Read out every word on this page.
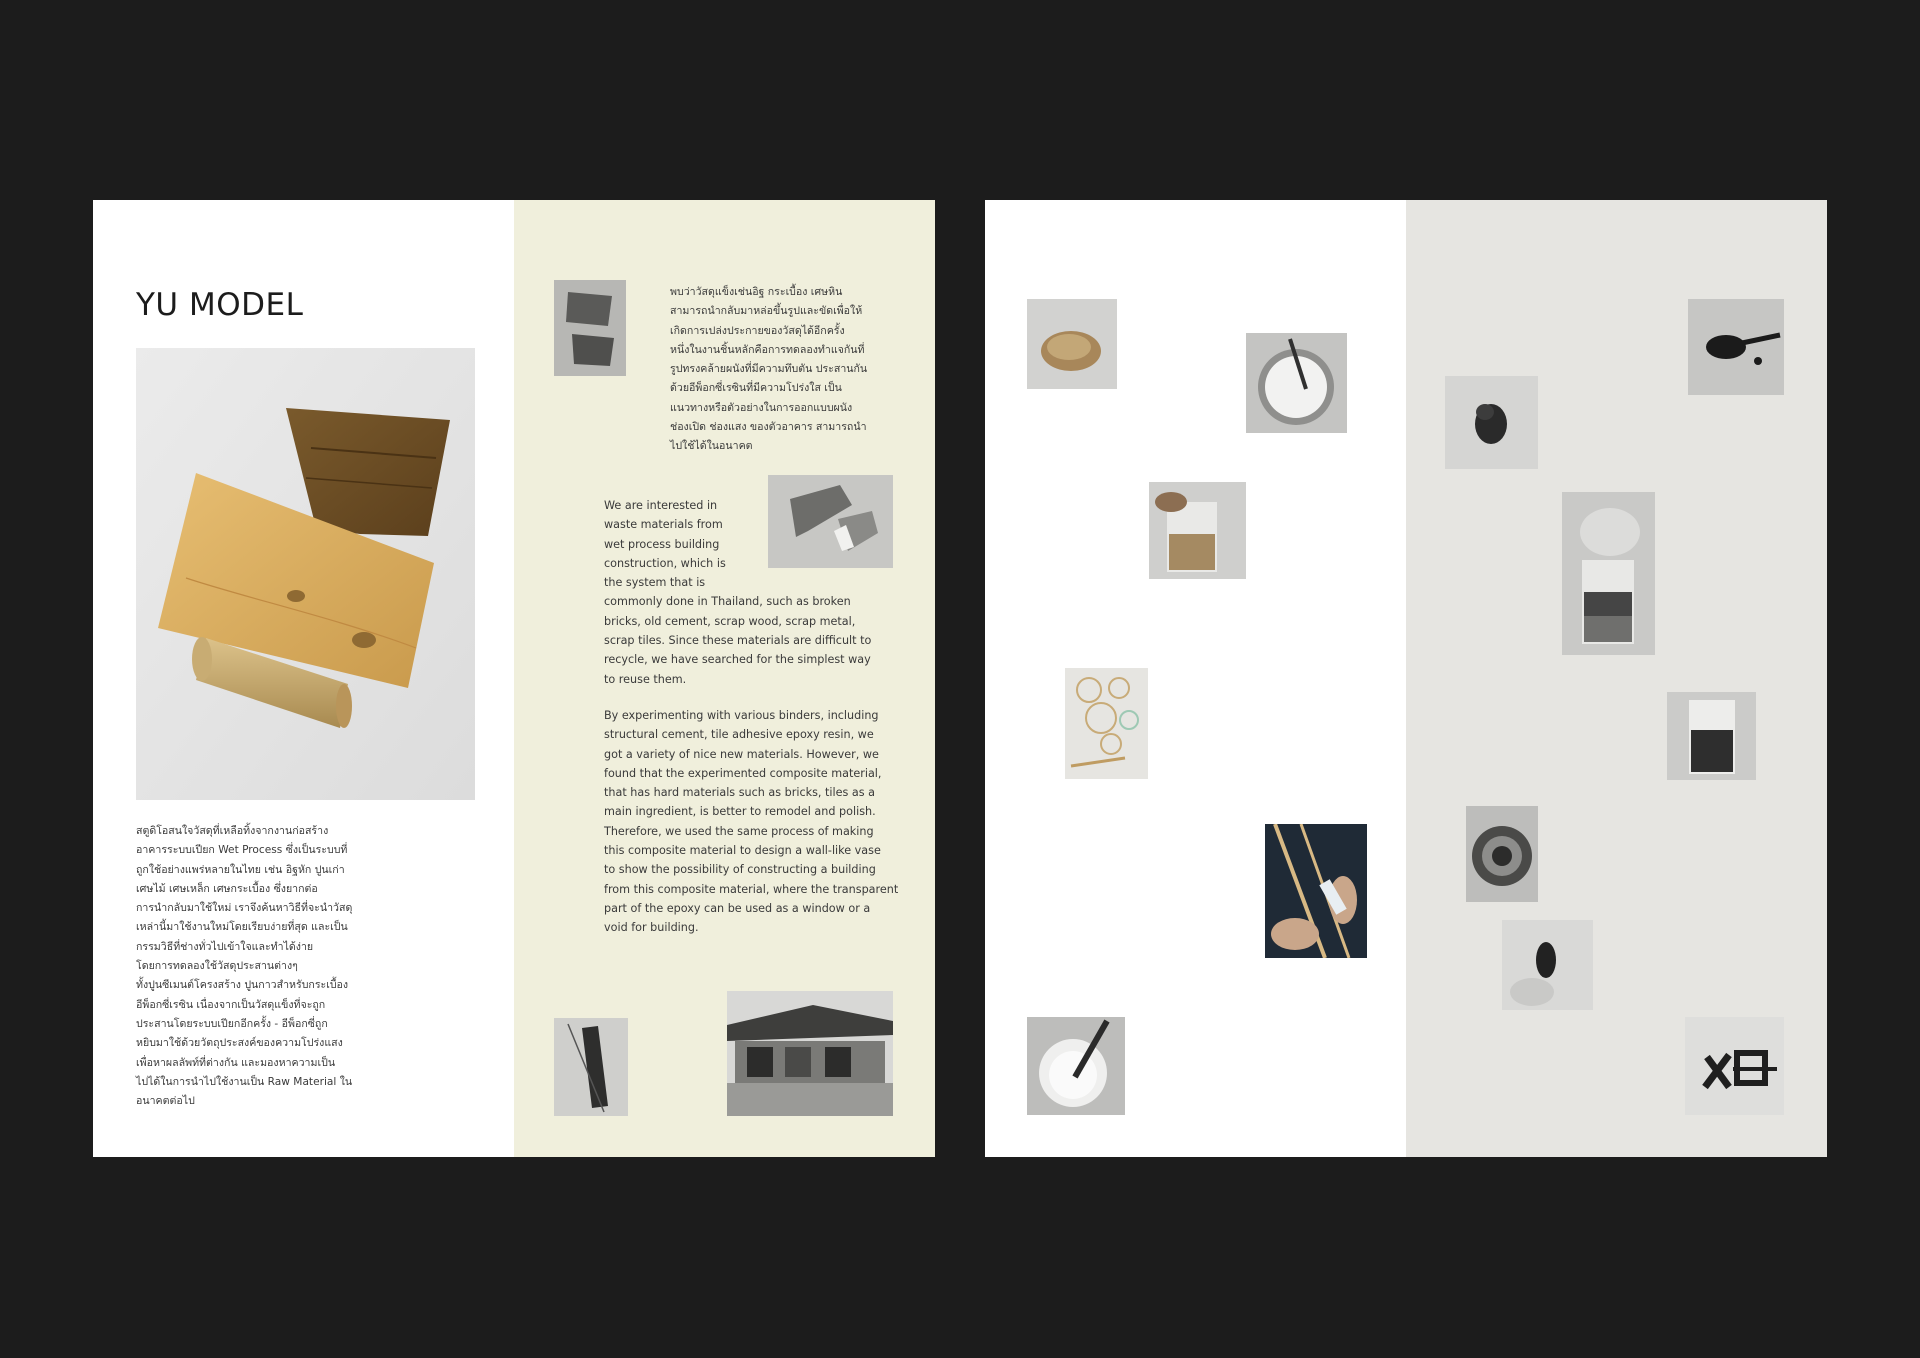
YU MODEL

สตูดิโอสนใจวัสดุที่เหลือทิ้งจากงานก่อสร้าง
อาคารระบบเปียก Wet Process ซึ่งเป็นระบบที่
ถูกใช้อย่างแพร่หลายในไทย เช่น อิฐหัก ปูนเก่า
เศษไม้ เศษเหล็ก เศษกระเบื้อง ซึ่งยากต่อ
การนำกลับมาใช้ใหม่ เราจึงค้นหาวิธีที่จะนำวัสดุ
เหล่านี้มาใช้งานใหม่โดยเรียบง่ายที่สุด และเป็น
กรรมวิธีที่ช่างทั่วไปเข้าใจและทำได้ง่าย
โดยการทดลองใช้วัสดุประสานต่างๆ
ทั้งปูนซีเมนต์โครงสร้าง ปูนกาวสำหรับกระเบื้อง
อีพ็อกซี่เรซิน เนื่องจากเป็นวัสดุแข็งที่จะถูก
ประสานโดยระบบเปียกอีกครั้ง - อีพ็อกซี่ถูก
หยิบมาใช้ด้วยวัตถุประสงค์ของความโปร่งแสง
เพื่อหาผลลัพท์ที่ต่างกัน และมองหาความเป็น
ไปได้ในการนำไปใช้งานเป็น Raw Material ใน
อนาคตต่อไป

พบว่าวัสดุแข็งเช่นอิฐ กระเบื้อง เศษหิน
สามารถนำกลับมาหล่อขึ้นรูปและขัดเพื่อให้
เกิดการเปล่งประกายของวัสดุได้อีกครั้ง
หนึ่งในงานชิ้นหลักคือการทดลองทำแจกันที่
รูปทรงคล้ายผนังที่มีความทึบตัน ประสานกัน
ด้วยอีพ็อกซี่เรซินที่มีความโปร่งใส เป็น
แนวทางหรือตัวอย่างในการออกแบบผนัง
ช่องเปิด ช่องแสง ของตัวอาคาร สามารถนำ
ไปใช้ได้ในอนาคต

We are interested in
waste materials from
wet process building
construction, which is
the system that is
commonly done in Thailand, such as broken
bricks, old cement, scrap wood, scrap metal,
scrap tiles. Since these materials are difficult to
recycle, we have searched for the simplest way
to reuse them.

By experimenting with various binders, including
structural cement, tile adhesive epoxy resin, we
got a variety of nice new materials. However, we
found that the experimented composite material,
that has hard materials such as bricks, tiles as a
main ingredient, is better to remodel and polish.
Therefore, we used the same process of making
this composite material to design a wall-like vase
to show the possibility of constructing a building
from this composite material, where the transparent
part of the epoxy can be used as a window or a
void for building.
